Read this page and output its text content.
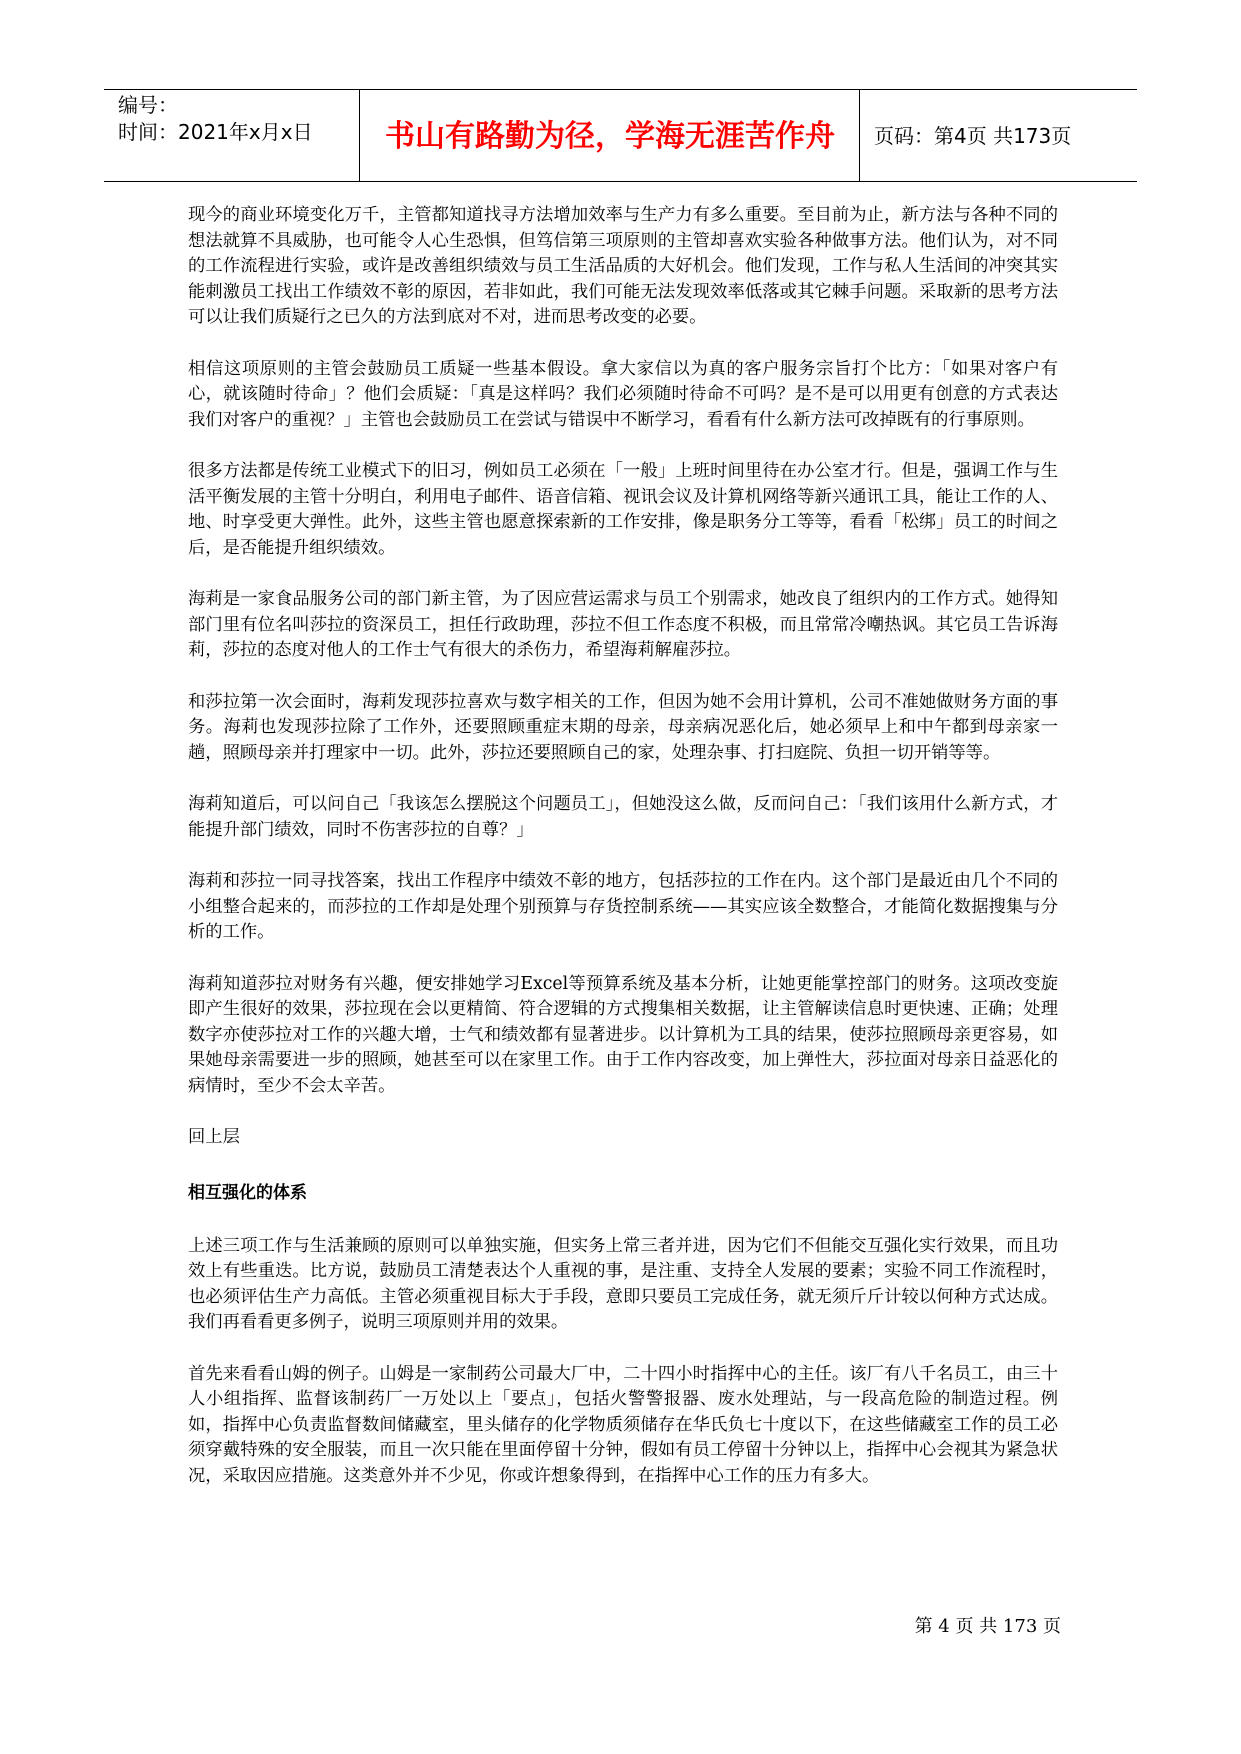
编号：
时间：2021年x月x日	书山有路勤为径，学海无涯苦作舟	页码：第4页 共173页

现今的商业环境变化万千，主管都知道找寻方法增加效率与生产力有多么重要。至目前为止，新方法与各种不同的想法就算不具威胁，也可能令人心生恐惧，但笃信第三项原则的主管却喜欢实验各种做事方法。他们认为，对不同的工作流程进行实验，或许是改善组织绩效与员工生活品质的大好机会。他们发现，工作与私人生活间的冲突其实能刺激员工找出工作绩效不彰的原因，若非如此，我们可能无法发现效率低落或其它棘手问题。采取新的思考方法可以让我们质疑行之已久的方法到底对不对，进而思考改变的必要。

相信这项原则的主管会鼓励员工质疑一些基本假设。拿大家信以为真的客户服务宗旨打个比方：「如果对客户有心，就该随时待命」？他们会质疑：「真是这样吗？我们必须随时待命不可吗？是不是可以用更有创意的方式表达我们对客户的重视？」主管也会鼓励员工在尝试与错误中不断学习，看看有什么新方法可改掉既有的行事原则。

很多方法都是传统工业模式下的旧习，例如员工必须在「一般」上班时间里待在办公室才行。但是，强调工作与生活平衡发展的主管十分明白，利用电子邮件、语音信箱、视讯会议及计算机网络等新兴通讯工具，能让工作的人、地、时享受更大弹性。此外，这些主管也愿意探索新的工作安排，像是职务分工等等，看看「松绑」员工的时间之后，是否能提升组织绩效。

海莉是一家食品服务公司的部门新主管，为了因应营运需求与员工个别需求，她改良了组织内的工作方式。她得知部门里有位名叫莎拉的资深员工，担任行政助理，莎拉不但工作态度不积极，而且常常冷嘲热讽。其它员工告诉海莉，莎拉的态度对他人的工作士气有很大的杀伤力，希望海莉解雇莎拉。

和莎拉第一次会面时，海莉发现莎拉喜欢与数字相关的工作，但因为她不会用计算机，公司不准她做财务方面的事务。海莉也发现莎拉除了工作外，还要照顾重症末期的母亲，母亲病况恶化后，她必须早上和中午都到母亲家一趟，照顾母亲并打理家中一切。此外，莎拉还要照顾自己的家，处理杂事、打扫庭院、负担一切开销等等。

海莉知道后，可以问自己「我该怎么摆脱这个问题员工」，但她没这么做，反而问自己：「我们该用什么新方式，才能提升部门绩效，同时不伤害莎拉的自尊？」

海莉和莎拉一同寻找答案，找出工作程序中绩效不彰的地方，包括莎拉的工作在内。这个部门是最近由几个不同的小组整合起来的，而莎拉的工作却是处理个别预算与存货控制系统——其实应该全数整合，才能简化数据搜集与分析的工作。

海莉知道莎拉对财务有兴趣，便安排她学习Excel等预算系统及基本分析，让她更能掌控部门的财务。这项改变旋即产生很好的效果，莎拉现在会以更精简、符合逻辑的方式搜集相关数据，让主管解读信息时更快速、正确；处理数字亦使莎拉对工作的兴趣大增，士气和绩效都有显著进步。以计算机为工具的结果，使莎拉照顾母亲更容易，如果她母亲需要进一步的照顾，她甚至可以在家里工作。由于工作内容改变，加上弹性大，莎拉面对母亲日益恶化的病情时，至少不会太辛苦。

回上层

相互强化的体系

上述三项工作与生活兼顾的原则可以单独实施，但实务上常三者并进，因为它们不但能交互强化实行效果，而且功效上有些重迭。比方说，鼓励员工清楚表达个人重视的事，是注重、支持全人发展的要素；实验不同工作流程时，也必须评估生产力高低。主管必须重视目标大于手段，意即只要员工完成任务，就无须斤斤计较以何种方式达成。我们再看看更多例子，说明三项原则并用的效果。

首先来看看山姆的例子。山姆是一家制药公司最大厂中，二十四小时指挥中心的主任。该厂有八千名员工，由三十人小组指挥、监督该制药厂一万处以上「要点」，包括火警警报器、废水处理站，与一段高危险的制造过程。例如，指挥中心负责监督数间储藏室，里头储存的化学物质须储存在华氏负七十度以下，在这些储藏室工作的员工必须穿戴特殊的安全服装，而且一次只能在里面停留十分钟，假如有员工停留十分钟以上，指挥中心会视其为紧急状况，采取因应措施。这类意外并不少见，你或许想象得到，在指挥中心工作的压力有多大。

第 4 页 共 173 页
